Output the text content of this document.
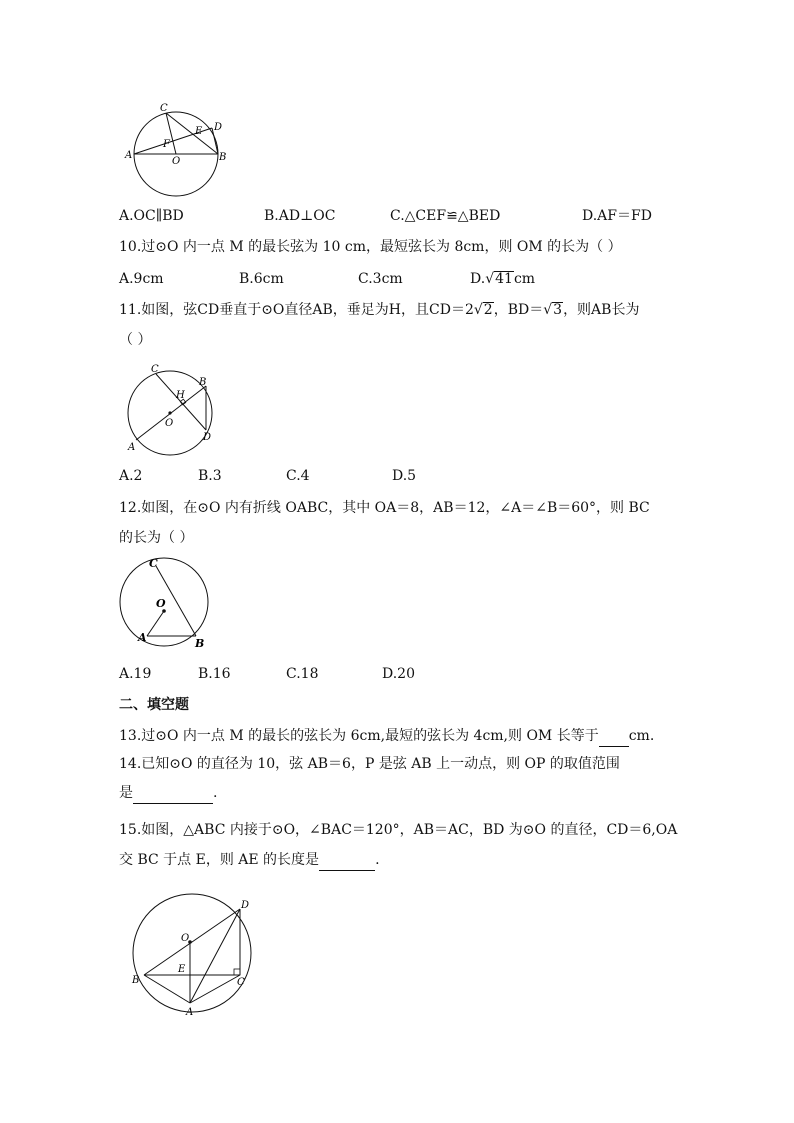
C
D
E
F
A	B
O
A.OC∥BD	B.AD⊥OC	C.△CEF≌△BED	D.AF＝FD
10.过⊙O 内一点 M 的最长弦为 10 cm，最短弦长为 8cm，则 OM 的长为（ ）
A.9cm	B.6cm	C.3cm	D.√41cm
11.如图，弦CD垂直于⊙O直径AB，垂足为H，且CD＝2√2，BD＝√3，则AB长为
（ ）
C
B
H
O
A
D
A.2	B.3	C.4	D.5
12.如图，在⊙O 内有折线 OABC，其中 OA＝8，AB＝12，∠A＝∠B＝60°，则 BC
的长为（ ）
C
O
A	B
A.19	B.16	C.18	D.20
二、填空题
13.过⊙O 内一点 M 的最长的弦长为 6cm,最短的弦长为 4cm,则 OM 长等于 cm.
14.已知⊙O 的直径为 10，弦 AB＝6，P 是弦 AB 上一动点，则 OP 的取值范围
是	.
15.如图，△ABC 内接于⊙O，∠BAC＝120°，AB＝AC，BD 为⊙O 的直径，CD＝6,OA
交 BC 于点 E，则 AE 的长度是	.
D
O
E
B	C
A
